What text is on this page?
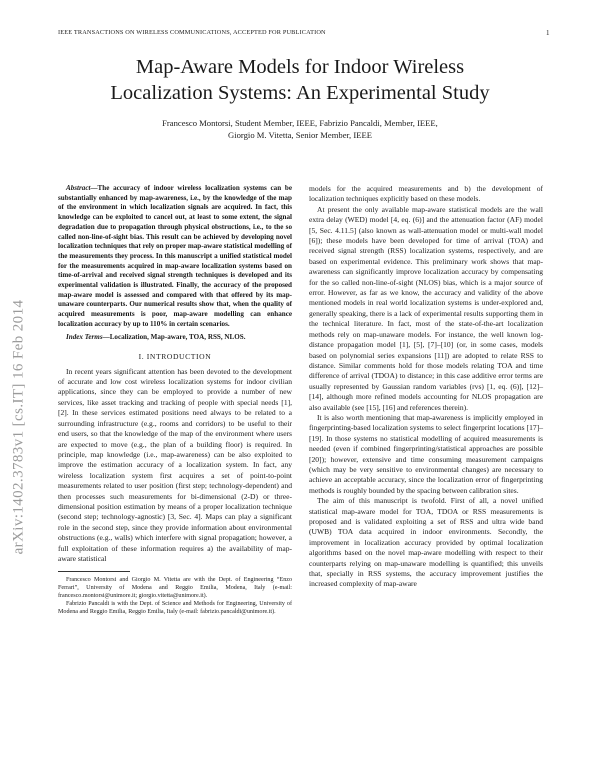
IEEE TRANSACTIONS ON WIRELESS COMMUNICATIONS, ACCEPTED FOR PUBLICATION	1
Map-Aware Models for Indoor Wireless
Localization Systems: An Experimental Study
Francesco Montorsi, Student Member, IEEE, Fabrizio Pancaldi, Member, IEEE,
Giorgio M. Vitetta, Senior Member, IEEE
arXiv:1402.3783v1 [cs.IT] 16 Feb 2014

Abstract—The accuracy of indoor wireless localization systems can be substantially enhanced by map-awareness, i.e., by the knowledge of the map of the environment in which localization signals are acquired. In fact, this knowledge can be exploited to cancel out, at least to some extent, the signal degradation due to propagation through physical obstructions, i.e., to the so called non-line-of-sight bias. This result can be achieved by developing novel localization techniques that rely on proper map-aware statistical modelling of the measurements they process. In this manuscript a unified statistical model for the measurements acquired in map-aware localization systems based on time-of-arrival and received signal strength techniques is developed and its experimental validation is illustrated. Finally, the accuracy of the proposed map-aware model is assessed and compared with that offered by its map-unaware counterparts. Our numerical results show that, when the quality of acquired measurements is poor, map-aware modelling can enhance localization accuracy by up to 110% in certain scenarios.

Index Terms—Localization, Map-aware, TOA, RSS, NLOS.

I. INTRODUCTION

In recent years significant attention has been devoted to the development of accurate and low cost wireless localization systems for indoor civilian applications, since they can be employed to provide a number of new services, like asset tracking and tracking of people with special needs [1], [2]. In these services estimated positions need always to be related to a surrounding infrastructure (e.g., rooms and corridors) to be useful to their end users, so that the knowledge of the map of the environment where users are expected to move (e.g., the plan of a building floor) is required. In principle, map knowledge (i.e., map-awareness) can be also exploited to improve the estimation accuracy of a localization system. In fact, any wireless localization system first acquires a set of point-to-point measurements related to user position (first step; technology-dependent) and then processes such measurements for bi-dimensional (2-D) or three-dimensional position estimation by means of a proper localization technique (second step; technology-agnostic) [3, Sec. 4]. Maps can play a significant role in the second step, since they provide information about environmental obstructions (e.g., walls) which interfere with signal propagation; however, a full exploitation of these information requires a) the availability of map-aware statistical

Francesco Montorsi and Giorgio M. Vitetta are with the Dept. of Engineering “Enzo Ferrari”, University of Modena and Reggio Emilia, Modena, Italy (e-mail: francesco.montorsi@unimore.it; giorgio.vitetta@unimore.it).

Fabrizio Pancaldi is with the Dept. of Science and Methods for Engineering, University of Modena and Reggio Emilia, Reggio Emilia, Italy (e-mail: fabrizio.pancaldi@unimore.it).

models for the acquired measurements and b) the development of localization techniques explicitly based on these models.

At present the only available map-aware statistical models are the wall extra delay (WED) model [4, eq. (6)] and the attenuation factor (AF) model [5, Sec. 4.11.5] (also known as wall-attenuation model or multi-wall model [6]); these models have been developed for time of arrival (TOA) and received signal strength (RSS) localization systems, respectively, and are based on experimental evidence. This preliminary work shows that map-awareness can significantly improve localization accuracy by compensating for the so called non-line-of-sight (NLOS) bias, which is a major source of error. However, as far as we know, the accuracy and validity of the above mentioned models in real world localization systems is under-explored and, generally speaking, there is a lack of experimental results supporting them in the technical literature. In fact, most of the state-of-the-art localization methods rely on map-unaware models. For instance, the well known log-distance propagation model [1], [5], [7]–[10] (or, in some cases, models based on polynomial series expansions [11]) are adopted to relate RSS to distance. Similar comments hold for those models relating TOA and time difference of arrival (TDOA) to distance; in this case additive error terms are usually represented by Gaussian random variables (rvs) [1, eq. (6)], [12]–[14], although more refined models accounting for NLOS propagation are also available (see [15], [16] and references therein).

It is also worth mentioning that map-awareness is implicitly employed in fingerprinting-based localization systems to select fingerprint locations [17]–[19]. In those systems no statistical modelling of acquired measurements is needed (even if combined fingerprinting/statistical approaches are possible [20]); however, extensive and time consuming measurement campaigns (which may be very sensitive to environmental changes) are necessary to achieve an acceptable accuracy, since the localization error of fingerprinting methods is roughly bounded by the spacing between calibration sites.

The aim of this manuscript is twofold. First of all, a novel unified statistical map-aware model for TOA, TDOA or RSS measurements is proposed and is validated exploiting a set of RSS and ultra wide band (UWB) TOA data acquired in indoor environments. Secondly, the improvement in localization accuracy provided by optimal localization algorithms based on the novel map-aware modelling with respect to their counterparts relying on map-unaware modelling is quantified; this unveils that, specially in RSS systems, the accuracy improvement justifies the increased complexity of map-aware
